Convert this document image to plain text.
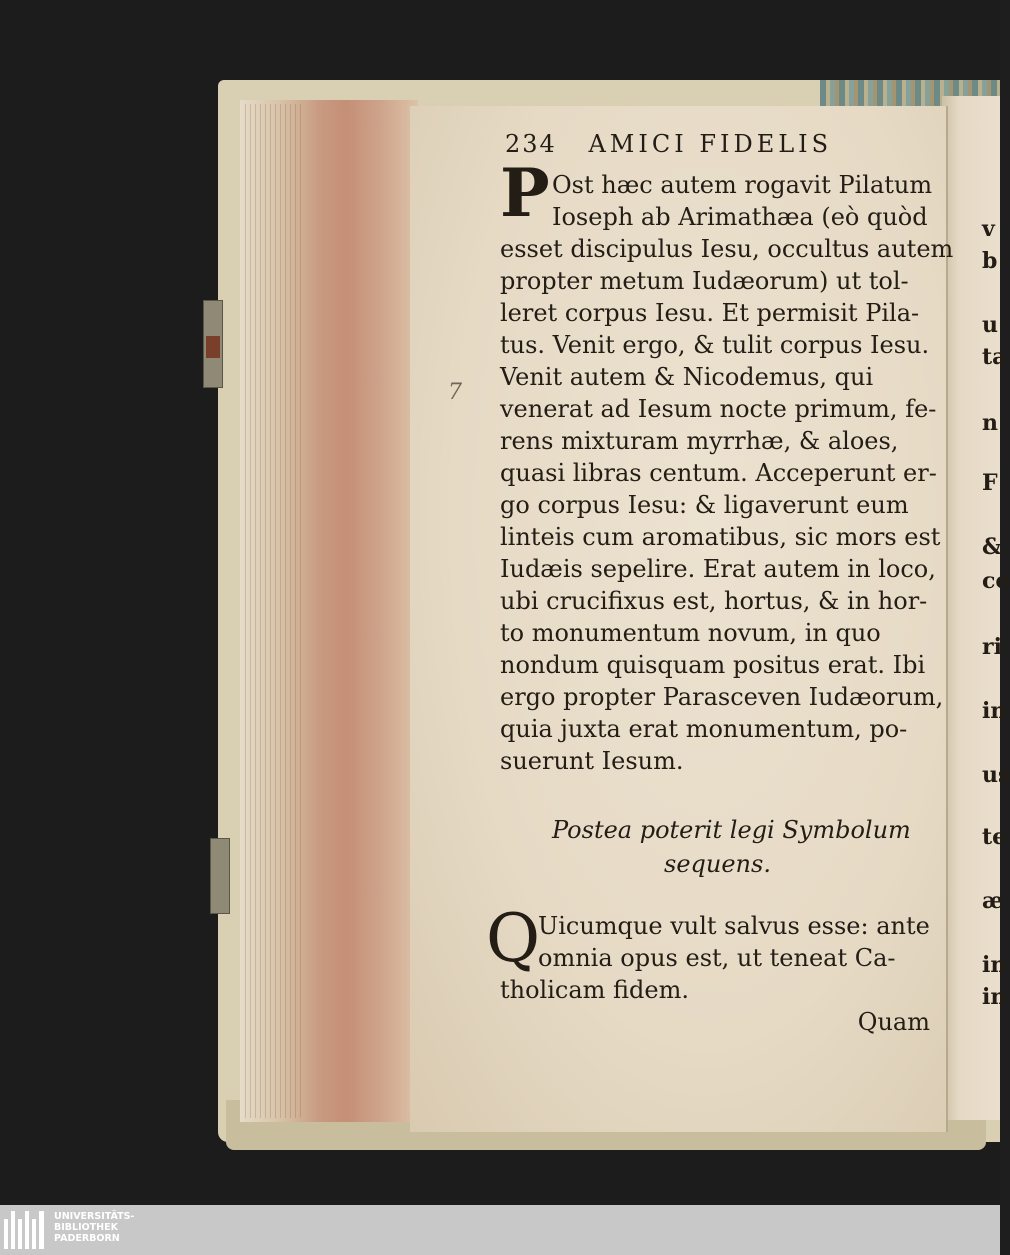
234 AMICI FIDELIS
7
P Ost hæc autem rogavit Pilatum
Ioseph ab Arimathæa (eò quòd
esset discipulus Iesu, occultus autem
propter metum Iudæorum) ut tol-
leret corpus Iesu. Et permisit Pila-
tus. Venit ergo, & tulit corpus Iesu.
Venit autem & Nicodemus, qui
venerat ad Iesum nocte primum, fe-
rens mixturam myrrhæ, & aloes,
quasi libras centum. Acceperunt er-
go corpus Iesu: & ligaverunt eum
linteis cum aromatibus, sic mors est
Iudæis sepelire. Erat autem in loco,
ubi crucifixus est, hortus, & in hor-
to monumentum novum, in quo
nondum quisquam positus erat. Ibi
ergo propter Parasceven Iudæorum,
quia juxta erat monumentum, po-
suerunt Iesum.
Postea poterit legi Symbolum
sequens.
Q
Uicumque vult salvus esse: ante
omnia opus est, ut teneat Ca-
tholicam fidem.
Quam
v
b
u
ta
n
F
&
co
ri
in
us
te
æ
in
in
UNIVERSITÄTS-
BIBLIOTHEK
PADERBORN
